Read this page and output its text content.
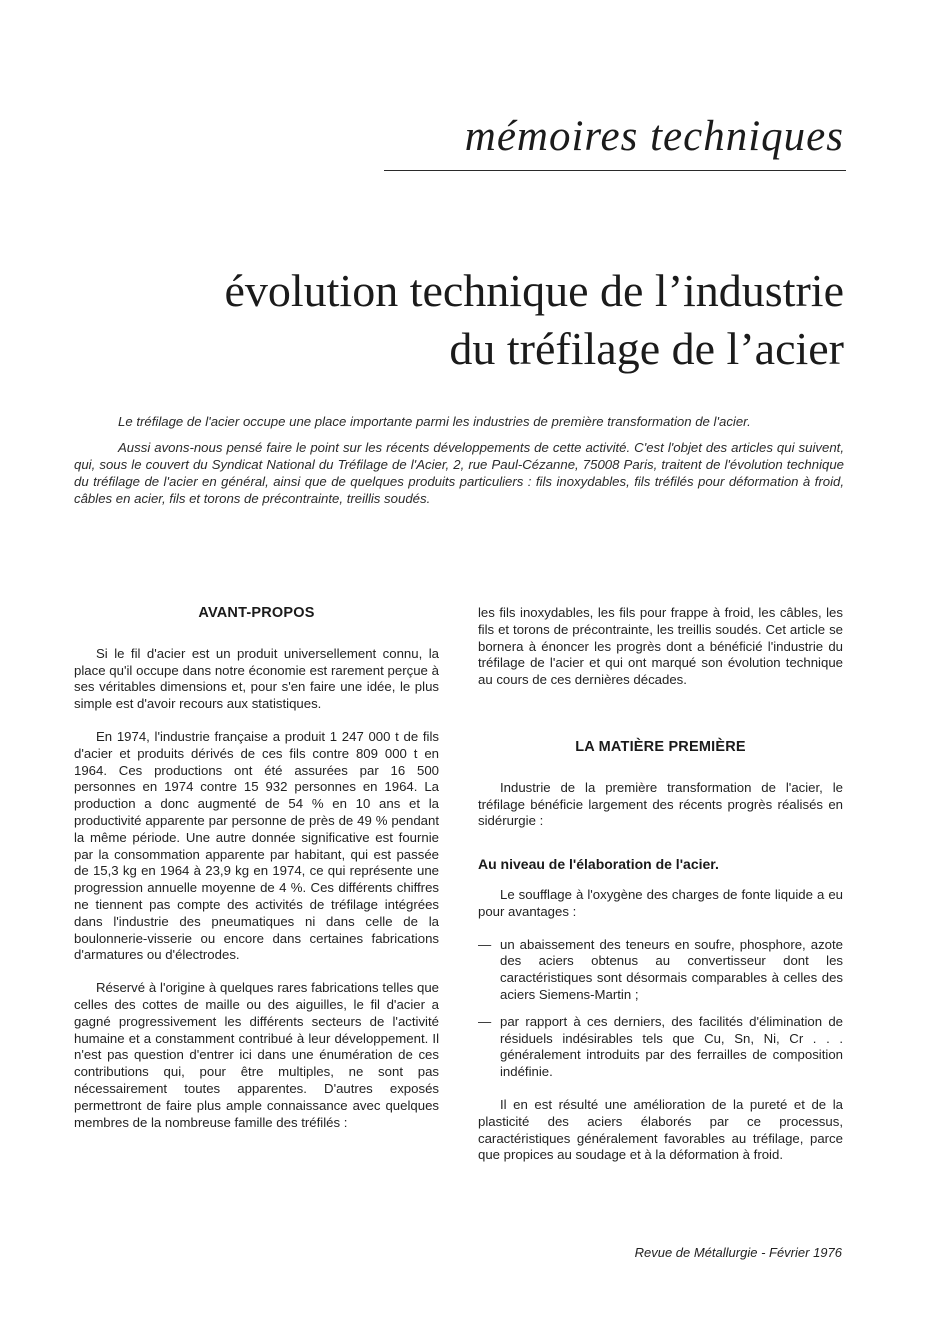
mémoires techniques
évolution technique de l’industrie
du tréfilage de l’acier

Le tréfilage de l'acier occupe une place importante parmi les industries de première transformation de l'acier.

Aussi avons-nous pensé faire le point sur les récents développements de cette activité. C'est l'objet des articles qui suivent, qui, sous le couvert du Syndicat National du Tréfilage de l'Acier, 2, rue Paul-Cézanne, 75008 Paris, traitent de l'évolution technique du tréfilage de l'acier en général, ainsi que de quelques produits particuliers : fils inoxydables, fils tréfilés pour déformation à froid, câbles en acier, fils et torons de précontrainte, treillis soudés.

AVANT-PROPOS

Si le fil d'acier est un produit universellement connu, la place qu'il occupe dans notre économie est rarement perçue à ses véritables dimensions et, pour s'en faire une idée, le plus simple est d'avoir recours aux statistiques.

En 1974, l'industrie française a produit 1 247 000 t de fils d'acier et produits dérivés de ces fils contre 809 000 t en 1964. Ces productions ont été assurées par 16 500 personnes en 1974 contre 15 932 personnes en 1964. La production a donc augmenté de 54 % en 10 ans et la productivité apparente par personne de près de 49 % pendant la même période. Une autre donnée significative est fournie par la consommation apparente par habitant, qui est passée de 15,3 kg en 1964 à 23,9 kg en 1974, ce qui représente une progression annuelle moyenne de 4 %. Ces différents chiffres ne tiennent pas compte des activités de tréfilage intégrées dans l'industrie des pneumatiques ni dans celle de la boulonnerie-visserie ou encore dans certaines fabrications d'armatures ou d'électrodes.

Réservé à l'origine à quelques rares fabrications telles que celles des cottes de maille ou des aiguilles, le fil d'acier a gagné progressivement les différents secteurs de l'activité humaine et a constamment contribué à leur développement. Il n'est pas question d'entrer ici dans une énumération de ces contributions qui, pour être multiples, ne sont pas nécessairement toutes apparentes. D'autres exposés permettront de faire plus ample connaissance avec quelques membres de la nombreuse famille des tréfilés :

les fils inoxydables, les fils pour frappe à froid, les câbles, les fils et torons de précontrainte, les treillis soudés. Cet article se bornera à énoncer les progrès dont a bénéficié l'industrie du tréfilage de l'acier et qui ont marqué son évolution technique au cours de ces dernières décades.

LA MATIÈRE PREMIÈRE

Industrie de la première transformation de l'acier, le tréfilage bénéficie largement des récents progrès réalisés en sidérurgie :

Au niveau de l'élaboration de l'acier.

Le soufflage à l'oxygène des charges de fonte liquide a eu pour avantages :

— un abaissement des teneurs en soufre, phosphore, azote des aciers obtenus au convertisseur dont les caractéristiques sont désormais comparables à celles des aciers Siemens-Martin ;
— par rapport à ces derniers, des facilités d'élimination de résiduels indésirables tels que Cu, Sn, Ni, Cr . . . généralement introduits par des ferrailles de composition indéfinie.

Il en est résulté une amélioration de la pureté et de la plasticité des aciers élaborés par ce processus, caractéristiques généralement favorables au tréfilage, parce que propices au soudage et à la déformation à froid.

Revue de Métallurgie - Février 1976
